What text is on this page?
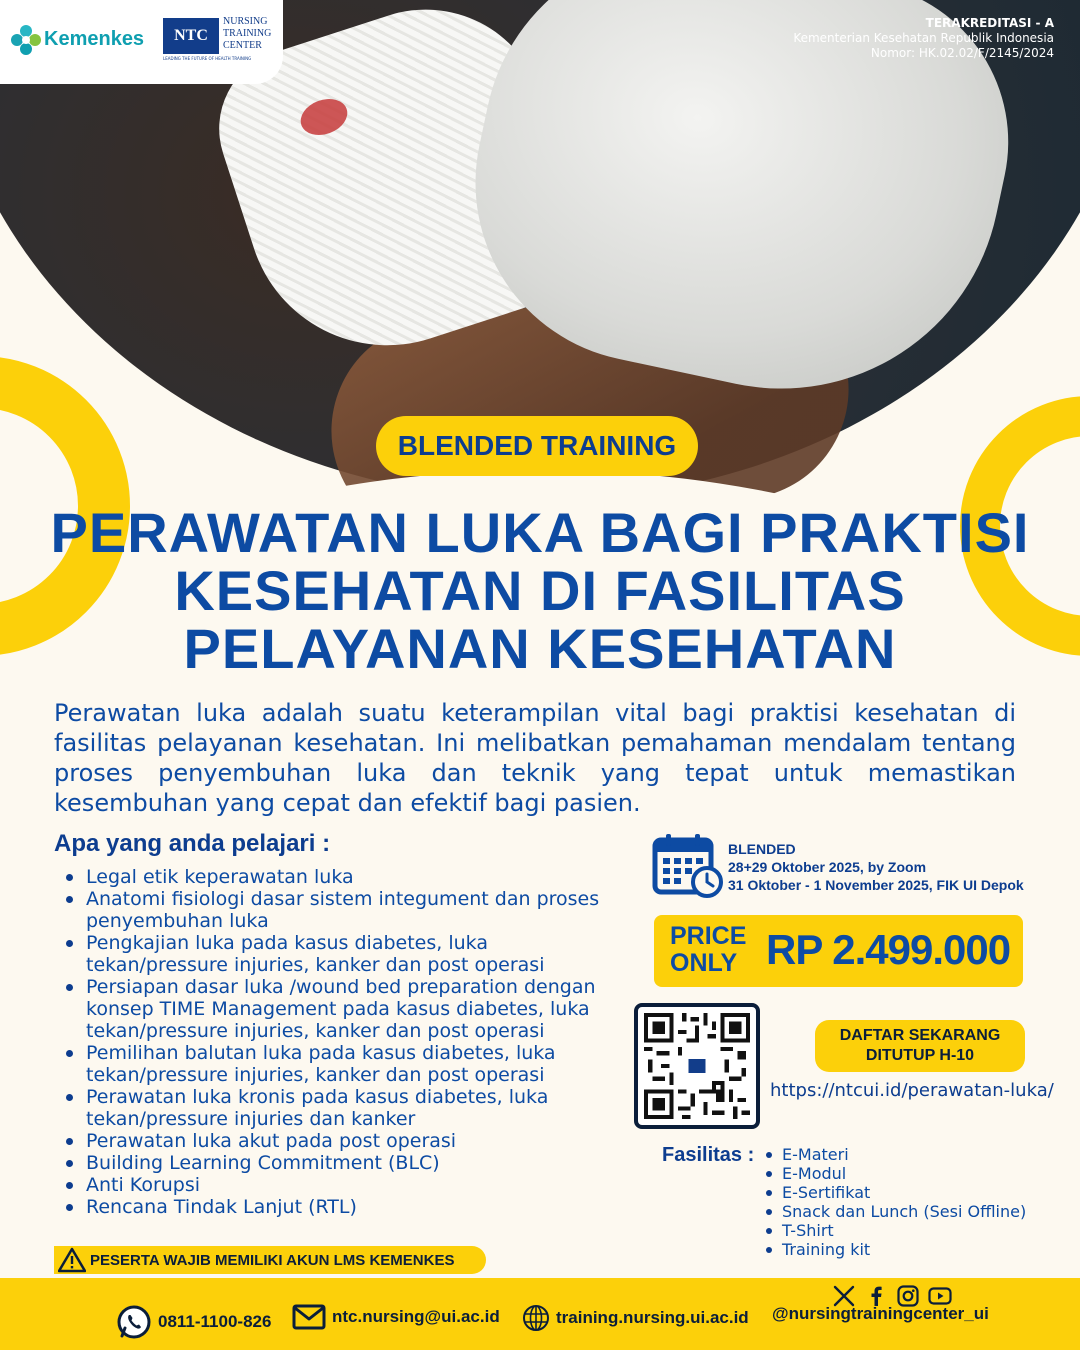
Kemenkes	NTC
NURSING TRAINING CENTER
LEADING THE FUTURE OF HEALTH TRAINING
TERAKREDITASI - A
Kementerian Kesehatan Republik Indonesia
Nomor: HK.02.02/F/2145/2024
BLENDED TRAINING
PERAWATAN LUKA BAGI PRAKTISI
KESEHATAN DI FASILITAS
PELAYANAN KESEHATAN

Perawatan luka adalah suatu keterampilan vital bagi praktisi kesehatan di fasilitas pelayanan kesehatan. Ini melibatkan pemahaman mendalam tentang proses penyembuhan luka dan teknik yang tepat untuk memastikan kesembuhan yang cepat dan efektif bagi pasien.

Apa yang anda pelajari :
Legal etik keperawatan luka
Anatomi fisiologi dasar sistem integument dan proses penyembuhan luka
Pengkajian luka pada kasus diabetes, luka tekan/pressure injuries, kanker dan post operasi
Persiapan dasar luka /wound bed preparation dengan konsep TIME Management pada kasus diabetes, luka tekan/pressure injuries, kanker dan post operasi
Pemilihan balutan luka pada kasus diabetes, luka tekan/pressure injuries, kanker dan post operasi
Perawatan luka kronis pada kasus diabetes, luka tekan/pressure injuries dan kanker
Perawatan luka akut pada post operasi
Building Learning Commitment (BLC)
Anti Korupsi
Rencana Tindak Lanjut (RTL)
PESERTA WAJIB MEMILIKI AKUN LMS KEMENKES
BLENDED
28+29 Oktober 2025, by Zoom
31 Oktober - 1 November 2025, FIK UI Depok
PRICE
ONLY RP 2.499.000
DAFTAR SEKARANG
DITUTUP H-10
https://ntcui.id/perawatan-luka/
Fasilitas :	E-Materi
E-Modul
E-Sertifikat
Snack dan Lunch (Sesi Offline)
T-Shirt
Training kit
0811-1100-826	ntc.nursing@ui.ac.id	training.nursing.ui.ac.id @nursingtrainingcenter_ui
